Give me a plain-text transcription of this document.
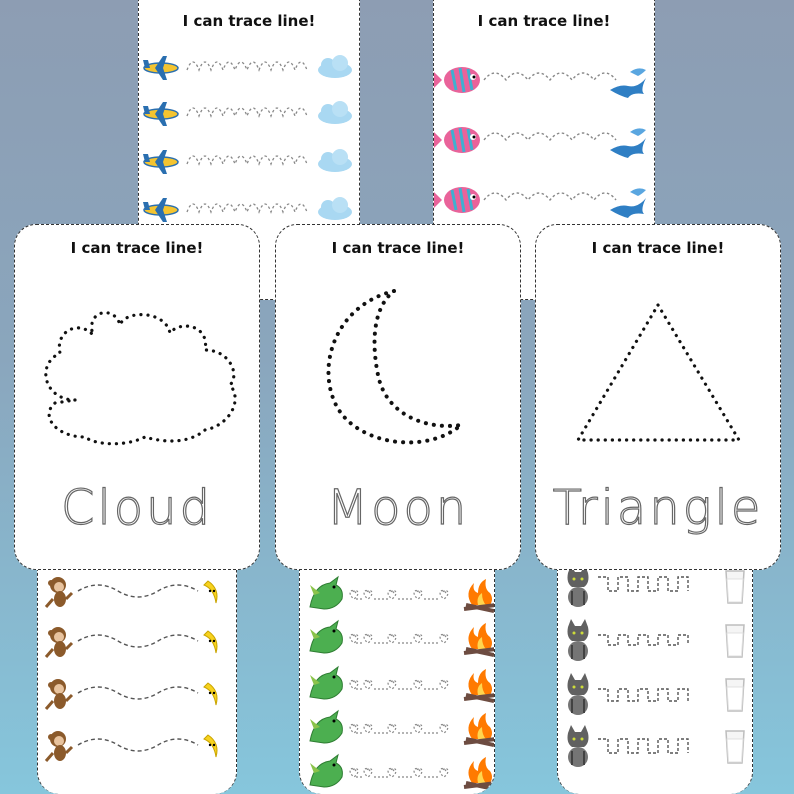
I can trace line!	I can trace line!
I can trace line!
Cloud
I can trace line!
Moon
I can trace line!
Triangle
